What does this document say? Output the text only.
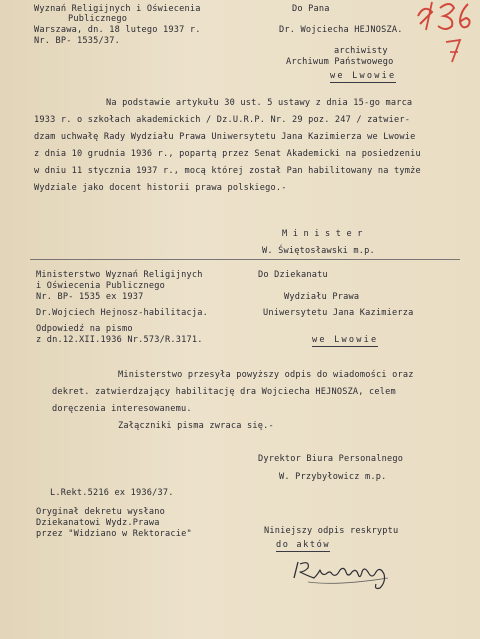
Wyznań Religijnych i Oświecenia
Publicznego
Warszawa, dn. 18 lutego 1937 r.
Nr. BP- 1535/37.
Do Pana
Dr. Wojciecha HEJNOSZA.
archiwisty
Archiwum Państwowego
we Lwowie
Na podstawie artykułu 30 ust. 5 ustawy z dnia 15-go marca
1933 r. o szkołach akademickich / Dz.U.R.P. Nr. 29 poz. 247 / zatwier-
dzam uchwałę Rady Wydziału Prawa Uniwersytetu Jana Kazimierza we Lwowie
z dnia 10 grudnia 1936 r., popartą przez Senat Akademicki na posiedzeniu
w dniu 11 stycznia 1937 r., mocą której został Pan habilitowany na tymże
Wydziale jako docent historii prawa polskiego.-
M i n i s t e r
W. Świętosławski m.p.
Ministerstwo Wyznań Religijnych
i Oświecenia Publicznego
Nr. BP- 1535 ex 1937
Dr.Wojciech Hejnosz-habilitacja.
Odpowiedź na pismo
z dn.12.XII.1936 Nr.573/R.3171.
Do Dziekanatu
Wydziału Prawa
Uniwersytetu Jana Kazimierza
we Lwowie
Ministerstwo przesyła powyższy odpis do wiadomości oraz
dekret. zatwierdzający habilitację dra Wojciecha HEJNOSZA, celem
doręczenia interesowanemu.
Załączniki pisma zwraca się.-
Dyrektor Biura Personalnego
W. Przybyłowicz m.p.
L.Rekt.5216 ex 1936/37.
Oryginał dekretu wysłano
Dziekanatowi Wydz.Prawa
przez "Widziano w Rektoracie"	Niniejszy odpis reskryptu
do aktów
